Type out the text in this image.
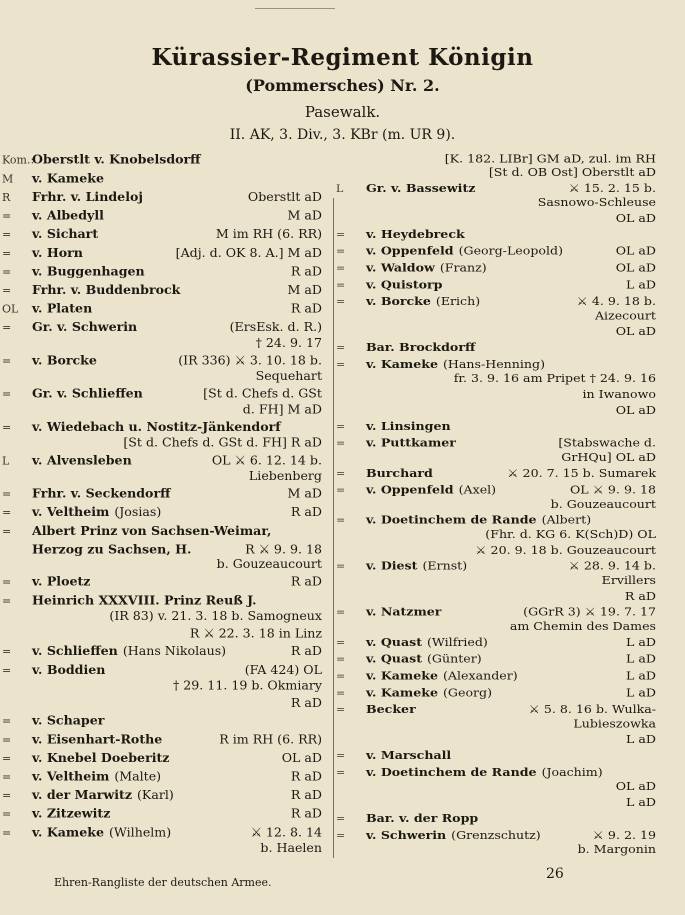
Kürassier-Regiment Königin
(Pommersches) Nr. 2.
Pasewalk.
II. AK, 3. Div., 3. KBr (m. UR 9).
Kom.:Oberstlt v. Knobelsdorff
M v. Kameke
R Frhr. v. Lindeloj	Oberstlt aD
= v. Albedyll	M aD
= v. Sichart	M im RH (6. RR)
= v. Horn	[Adj. d. OK 8. A.] M aD
= v. Buggenhagen	R aD
= Frhr. v. Buddenbrock	M aD
OL v. Platen	R aD
= Gr. v. Schwerin	(ErsEsk. d. R.)
† 24. 9. 17
= v. Borcke	(IR 336) ⚔ 3. 10. 18 b.
Sequehart
= Gr. v. Schlieffen	[St d. Chefs d. GSt
d. FH] M aD
= v. Wiedebach u. Nostitz-Jänkendorf
[St d. Chefs d. GSt d. FH] R aD
L v. Alvensleben	OL ⚔ 6. 12. 14 b.
Liebenberg
= Frhr. v. Seckendorff	M aD
= v. Veltheim (Josias)	R aD
= Albert Prinz von Sachsen-Weimar,
Herzog zu Sachsen, H.	R ⚔ 9. 9. 18
b. Gouzeaucourt
= v. Ploetz	R aD
= Heinrich XXXVIII. Prinz Reuß J.
(IR 83) v. 21. 3. 18 b. Samogneux
R ⚔ 22. 3. 18 in Linz
= v. Schlieffen (Hans Nikolaus)	R aD
= v. Boddien	(FA 424) OL
† 29. 11. 19 b. Okmiary
R aD
= v. Schaper
= v. Eisenhart-Rothe	R im RH (6. RR)
= v. Knebel Doeberitz	OL aD
= v. Veltheim (Malte)	R aD
= v. der Marwitz (Karl)	R aD
= v. Zitzewitz	R aD
= v. Kameke (Wilhelm)	⚔ 12. 8. 14
b. Haelen
[K. 182. LIBr] GM aD, zul. im RH
[St d. OB Ost] Oberstlt aD
L Gr. v. Bassewitz	⚔ 15. 2. 15 b.
Sasnowo-Schleuse
OL aD
= v. Heydebreck
= v. Oppenfeld (Georg-Leopold)	OL aD
= v. Waldow (Franz)	OL aD
= v. Quistorp	L aD
= v. Borcke (Erich)	⚔ 4. 9. 18 b.
Aizecourt
OL aD
= Bar. Brockdorff
= v. Kameke (Hans-Henning)
fr. 3. 9. 16 am Pripet † 24. 9. 16
in Iwanowo
OL aD
= v. Linsingen
= v. Puttkamer	[Stabswache d.
GrHQu] OL aD
= Burchard	⚔ 20. 7. 15 b. Sumarek
= v. Oppenfeld (Axel)	OL ⚔ 9. 9. 18
b. Gouzeaucourt
= v. Doetinchem de Rande (Albert)
(Fhr. d. KG 6. K(Sch)D) OL
⚔ 20. 9. 18 b. Gouzeaucourt
= v. Diest (Ernst)	⚔ 28. 9. 14 b.
Ervillers
R aD
= v. Natzmer	(GGrR 3) ⚔ 19. 7. 17
am Chemin des Dames
= v. Quast (Wilfried)	L aD
= v. Quast (Günter)	L aD
= v. Kameke (Alexander)	L aD
= v. Kameke (Georg)	L aD
= Becker	⚔ 5. 8. 16 b. Wulka-
Lubieszowka
L aD
= v. Marschall
= v. Doetinchem de Rande (Joachim)
OL aD
L aD
= Bar. v. der Ropp
= v. Schwerin (Grenzschutz)	⚔ 9. 2. 19
b. Margonin
Ehren-Rangliste der deutschen Armee.
26
